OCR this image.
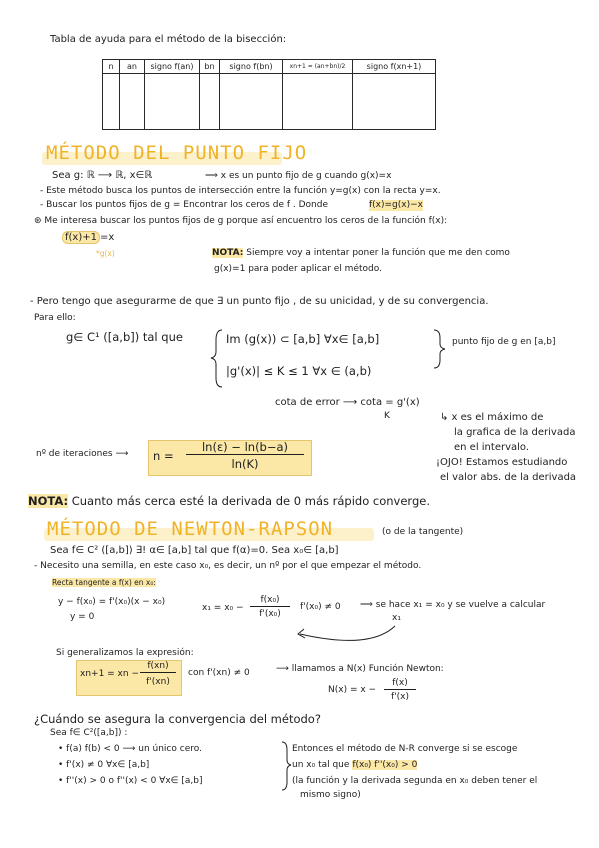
Tabla de ayuda para el método de la bisección:
n	an	signo f(an)	bn	signo f(bn)	xn+1 = (an+bn)/2	signo f(xn+1)

MÉTODO DEL PUNTO FIJO
Sea g: ℝ ⟶ ℝ, x∈ℝ	⟹ x es un punto fijo de g cuando g(x)=x
- Este método busca los puntos de intersección entre la función y=g(x) con la recta y=x.
- Buscar los puntos fijos de g = Encontrar los ceros de f . Donde	f(x)=g(x)−x
⊛ Me interesa buscar los puntos fijos de g porque así encuentro los ceros de la función f(x):
f(x)+1 =x
*g(x)	NOTA: Siempre voy a intentar poner la función que me den como
g(x)=1 para poder aplicar el método.
- Pero tengo que asegurarme de que ∃ un punto fijo , de su unicidad, y de su convergencia.
Para ello:
g∈ C¹ ([a,b]) tal que	Im (g(x)) ⊂ [a,b] ∀x∈ [a,b]
|g'(x)| ≤ K ≤ 1 ∀x ∈ (a,b)
punto fijo de g en [a,b]
cota de error ⟶ cota = g'(x)
K	↳ x es el máximo de
la grafica de la derivada
en el intervalo.
¡OJO! Estamos estudiando
el valor abs. de la derivada
nº de iteraciones ⟶ n =
ln(ε) − ln(b−a)
ln(K)
NOTA: Cuanto más cerca esté la derivada de 0 más rápido converge.
MÉTODO DE NEWTON-RAPSON	(o de la tangente)
Sea f∈ C² ([a,b]) ∃! α∈ [a,b] tal que f(α)=0. Sea x₀∈ [a,b]
- Necesito una semilla, en este caso x₀, es decir, un nº por el que empezar el método.
Recta tangente a f(x) en x₀:
y − f(x₀) = f'(x₀)(x − x₀)
y = 0
x₁ = x₀ −
f(x₀)
f'(x₀)
f'(x₀) ≠ 0 ⟹ se hace x₁ = x₀ y se vuelve a calcular
x₁
Si generalizamos la expresión:
xn+1 = xn −
f(xn)
f'(xn)
con f'(xn) ≠ 0	⟶ llamamos a N(x) Función Newton:
N(x) = x −
f(x)
f'(x)
¿Cuándo se asegura la convergencia del método?
Sea f∈ C²([a,b]) :
• f(a) f(b) < 0 ⟶ un único cero.
• f'(x) ≠ 0 ∀x∈ [a,b]
• f''(x) > 0 o f''(x) < 0 ∀x∈ [a,b]
Entonces el método de N-R converge si se escoge
un x₀ tal que f(x₀) f''(x₀) > 0
(la función y la derivada segunda en x₀ deben tener el
mismo signo)
